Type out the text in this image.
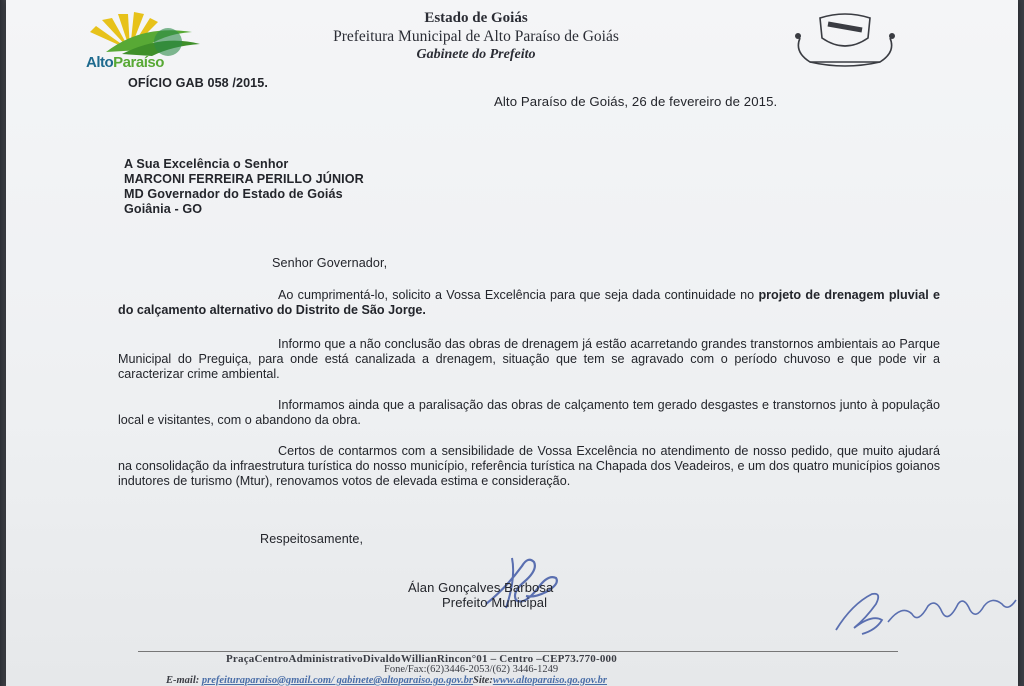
AltoParaíso
Estado de Goiás
Prefeitura Municipal de Alto Paraíso de Goiás
Gabinete do Prefeito
OFÍCIO GAB 058 /2015.
Alto Paraíso de Goiás, 26 de fevereiro de 2015.
A Sua Excelência o Senhor
MARCONI FERREIRA PERILLO JÚNIOR
MD Governador do Estado de Goiás
Goiânia - GO
Senhor Governador,
Ao cumprimentá-lo, solicito a Vossa Excelência para que seja dada continuidade no projeto de drenagem pluvial e do calçamento alternativo do Distrito de São Jorge.
Informo que a não conclusão das obras de drenagem já estão acarretando grandes transtornos ambientais ao Parque Municipal do Preguiça, para onde está canalizada a drenagem, situação que tem se agravado com o período chuvoso e que pode vir a caracterizar crime ambiental.
Informamos ainda que a paralisação das obras de calçamento tem gerado desgastes e transtornos junto à população local e visitantes, com o abandono da obra.
Certos de contarmos com a sensibilidade de Vossa Excelência no atendimento de nosso pedido, que muito ajudará na consolidação da infraestrutura turística do nosso município, referência turística na Chapada dos Veadeiros, e um dos quatro municípios goianos indutores de turismo (Mtur), renovamos votos de elevada estima e consideração.
Respeitosamente,
Álan Gonçalves Barbosa
Prefeito Municipal
PraçaCentroAdministrativoDivaldoWillianRincon°01 – Centro –CEP73.770-000
Fone/Fax:(62)3446-2053/(62) 3446-1249
E-mail: prefeituraparaiso@gmail.com/ gabinete@altoparaiso.go.gov.brSite:www.altoparaiso.go.gov.br
